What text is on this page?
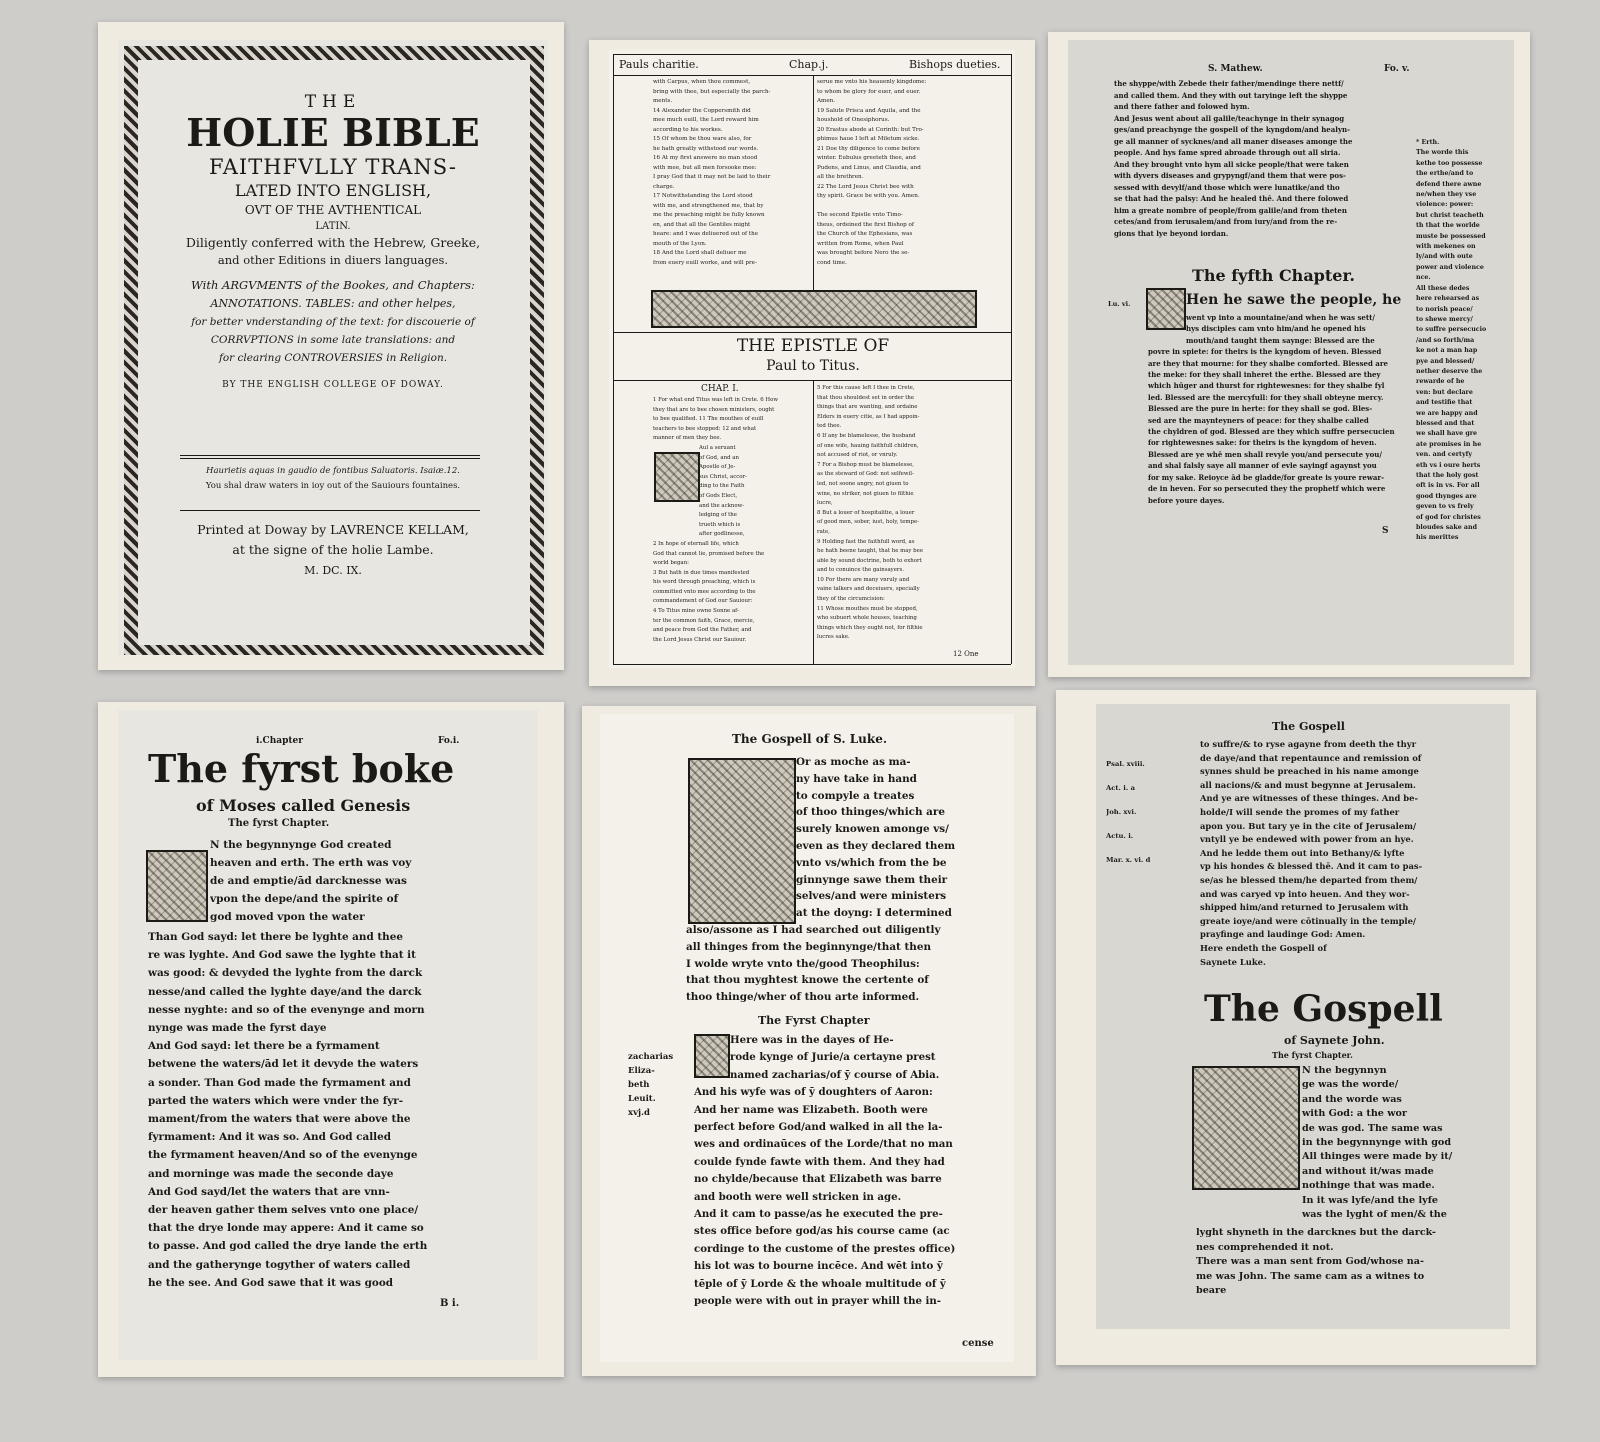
THE
HOLIE BIBLE
FAITHFVLLY TRANS-
LATED INTO ENGLISH,
OVT OF THE AVTHENTICAL
LATIN.
Diligently conferred with the Hebrew, Greeke,
and other Editions in diuers languages.
With ARGVMENTS of the Bookes, and Chapters:
ANNOTATIONS. TABLES: and other helpes,
for better vnderstanding of the text: for discouerie of
CORRVPTIONS in some late translations: and
for clearing CONTROVERSIES in Religion.
BY THE ENGLISH COLLEGE OF DOWAY.
Haurietis aquas in gaudio de fontibus Saluatoris. Isaiæ.12.
You shal draw waters in ioy out of the Sauiours fountaines.
Printed at Doway by LAVRENCE KELLAM,
at the signe of the holie Lambe.
M. DC. IX.
Pauls charitie.	Chap.j.	Bishops dueties.
with Carpus, when thou commest,
bring with thee, but especially the parch-
ments.
14 Alexander the Coppersmith did
mee much euill, the Lord reward him
according to his workes.
15 Of whom be thou ware also, for
he hath greatly withstood our words.
16 At my first answere no man stood
with mee, but all men forsooke mee:
I pray God that it may not be laid to their
charge.
17 Notwithstanding the Lord stood
with me, and strengthened me, that by
me the preaching might be fully known
en, and that all the Gentiles might
heare: and I was deliuered out of the
mouth of the Lyon.
18 And the Lord shall deliuer me
from euery euill worke, and will pre-
serue me vnto his heauenly kingdome:
to whom be glory for euer, and euer.
Amen.
19 Salute Prisca and Aquila, and the
houshold of Onesiphorus.
20 Erastus abode at Corinth: but Tro-
phimus haue I left at Miletum sicke.
21 Doe thy diligence to come before
winter. Eubulus greeteth thee, and
Pudens, and Linus, and Claudia, and
all the brethren.
22 The Lord Jesus Christ bee with
thy spirit. Grace be with you. Amen.

The second Epistle vnto Timo-
theus, ordeined the first Bishop of
the Church of the Ephesians, was
written from Rome, when Paul
was brought before Nero the se-
cond time.
THE EPISTLE OF
Paul to Titus.
CHAP. I.
1 For what end Titus was left in Crete. 6 How
they that are to bee chosen ministers, ought
to bee qualified. 11 The mouthes of euill
teachers to bee stopped: 12 and what
manner of men they bee.
Aul a seruant
of God, and an
Apostle of Je-
sus Christ, accor-
ding to the Faith
of Gods Elect,
and the acknow-
ledging of the
trueth which is
after godlinesse,
2 In hope of eternall life, which
God that cannot lie, promised before the
world began:
3 But hath in due times manifested
his word through preaching, which is
committed vnto mee according to the
commandement of God our Sauiour:
4 To Titus mine owne Sonne af-
ter the common faith, Grace, mercie,
and peace from God the Father, and
the Lord Jesus Christ our Sauiour.
5 For this cause left I thee in Crete,
that thou shouldest set in order the
things that are wanting, and ordaine
Elders in euery citie, as I had appoin-
ted thee.
6 If any be blamelesse, the husband
of one wife, hauing faithfull children,
not accused of riot, or vnruly.
7 For a Bishop must be blamelesse,
as the steward of God: not selfewil-
led, not soone angry, not giuen to
wine, no striker, not giuen to filthie
lucre,
8 But a louer of hospitalitie, a louer
of good men, sober, iust, holy, tempe-
rate,
9 Holding fast the faithfull word, as
he hath beene taught, that he may bee
able by sound doctrine, both to exhort
and to conuince the gainsayers.
10 For there are many vnruly and
vaine talkers and deceiuers, specially
they of the circumcision:
11 Whose mouthes must be stopped,
who subuert whole houses, teaching
things which they ought not, for filthie
lucres sake.
12 One
S. Mathew.	Fo. v.
the shyppe/with Zebede their father/mendinge there nettf/
and called them. And they with out taryinge left the shyppe
and there father and folowed hym.
And Jesus went about all galile/teachynge in their synagog
ges/and preachynge the gospell of the kyngdom/and healyn-
ge all manner of sycknes/and all maner diseases amonge the
people. And hys fame spred abroade through out all siria.
And they brought vnto hym all sicke people/that were taken
with dyvers diseases and grypyngf/and them that were pos-
sessed with devylf/and those which were lunatike/and tho
se that had the palsy: And he healed thē. And there folowed
him a greate nombre of people/from galile/and from theten
cetes/and from ierusalem/and from iury/and from the re-
gions that lye beyond iordan.
The fyfth Chapter.
Lu. vi.	Hen he sawe the people, he
went vp into a mountaine/and when he was sett/
hys disciples cam vnto him/and he opened his
mouth/and taught them saynge: Blessed are the
povre in spiete: for theirs is the kyngdom of heven. Blessed
are they that mourne: for they shalbe comforted. Blessed are
the meke: for they shall inheret the erthe. Blessed are they
which hūger and thurst for rightewesnes: for they shalbe fyl
led. Blessed are the mercyfull: for they shall obteyne mercy.
Blessed are the pure in herte: for they shall se god. Bles-
sed are the maynteyners of peace: for they shalbe called
the chyldren of god. Blessed are they which suffre persecucien
for rightewesnes sake: for theirs is the kyngdom of heven.
Blessed are ye whē men shall revyle you/and persecute you/
and shal falsly saye all manner of evle sayingf agaynst you
for my sake. Reioyce ād be gladde/for greate is youre rewar-
de in heven. For so persecuted they the prophetf which were
before youre dayes.
* Erth.
The worde this
kethe too possesse
the erthe/and to
defend there awne
ne/when they vse
violence: power:
but christ teacheth
th that the worlde
muste be possessed
with mekenes on
ly/and with oute
power and violence
nce.
All these dedes
here rehearsed as
to norish peace/
to shewe mercy/
to suffre persecucio
/and so forth/ma
ke not a man hap
pye and blessed/
nether deserve the
rewarde of he
ven: but declare
and testifie that
we are happy and
blessed and that
we shall have gre
ate promises in he
ven. and certyfy
eth vs i oure herts
that the holy gost
oft is in vs. For all
good thynges are
geven to vs frely
of god for christes
bloudes sake and
his merittes
S
i.Chapter	Fo.i.
The fyrst boke
of Moses called Genesis
The fyrst Chapter.
N the begynnynge God created
heaven and erth. The erth was voy
de and emptie/ād darcknesse was
vpon the depe/and the spirite of
god moved vpon the water
Than God sayd: let there be lyghte and thee
re was lyghte. And God sawe the lyghte that it
was good: & devyded the lyghte from the darck
nesse/and called the lyghte daye/and the darck
nesse nyghte: and so of the evenynge and morn
nynge was made the fyrst daye
And God sayd: let there be a fyrmament
betwene the waters/ād let it devyde the waters
a sonder. Than God made the fyrmament and
parted the waters which were vnder the fyr-
mament/from the waters that were above the
fyrmament: And it was so. And God called
the fyrmament heaven/And so of the evenynge
and morninge was made the seconde daye
And God sayd/let the waters that are vnn-
der heaven gather them selves vnto one place/
that the drye londe may appere: And it came so
to passe. And god called the drye lande the erth
and the gatherynge togyther of waters called
he the see. And God sawe that it was good
B i.
The Gospell of S. Luke.
Or as moche as ma-
ny have take in hand
to compyle a treates
of thoo thinges/which are
surely knowen amonge vs/
even as they declared them
vnto vs/which from the be
ginnynge sawe them their
selves/and were ministers
at the doyng: I determined
also/assone as I had searched out diligently
all thinges from the beginnynge/that then
I wolde wryte vnto the/good Theophilus:
that thou myghtest knowe the certente of
thoo thinge/wher of thou arte informed.
The Fyrst Chapter
Here was in the dayes of He-
rode kynge of Jurie/a certayne prest
named zacharias/of ȳ course of Abia.
And his wyfe was of ȳ doughters of Aaron:
And her name was Elizabeth. Booth were
perfect before God/and walked in all the la-
wes and ordinaūces of the Lorde/that no man
coulde fynde fawte with them. And they had
no chylde/because that Elizabeth was barre
and booth were well stricken in age.
And it cam to passe/as he executed the pre-
stes office before god/as his course came (ac
cordinge to the custome of the prestes office)
his lot was to bourne incēce. And wēt into ȳ
tēple of ȳ Lorde & the whoale multitude of ȳ
people were with out in prayer whill the in-
zacharias
Eliza-
beth
Leuit.
xvj.d
cense
The Gospell
to suffre/& to ryse agayne from deeth the thyr
de daye/and that repentaunce and remission of
synnes shuld be preached in his name amonge
all nacions/& and must begynne at Jerusalem.
And ye are witnesses of these thinges. And be-
holde/I will sende the promes of my father
apon you. But tary ye in the cite of Jerusalem/
vntyll ye be endewed with power from an hye.
And he ledde them out into Bethany/& lyfte
vp his hondes & blessed thē. And it cam to pas-
se/as he blessed them/he departed from them/
and was caryed vp into heuen. And they wor-
shipped him/and returned to Jerusalem with
greate ioye/and were cōtinually in the temple/
prayfinge and laudinge God: Amen.
Here endeth the Gospell of
Saynete Luke.
Psal. xviii.
Act. i. a
Joh. xvi.
Actu. i.
Mar. x. vi. d
The Gospell
of Saynete John.
The fyrst Chapter.
N the begynnyn
ge was the worde/
and the worde was
with God: a the wor
de was god. The same was
in the begynnynge with god
All thinges were made by it/
and without it/was made
nothinge that was made.
In it was lyfe/and the lyfe
was the lyght of men/& the
lyght shyneth in the darcknes but the darck-
nes comprehended it not.
There was a man sent from God/whose na-
me was John. The same cam as a witnes to
beare
